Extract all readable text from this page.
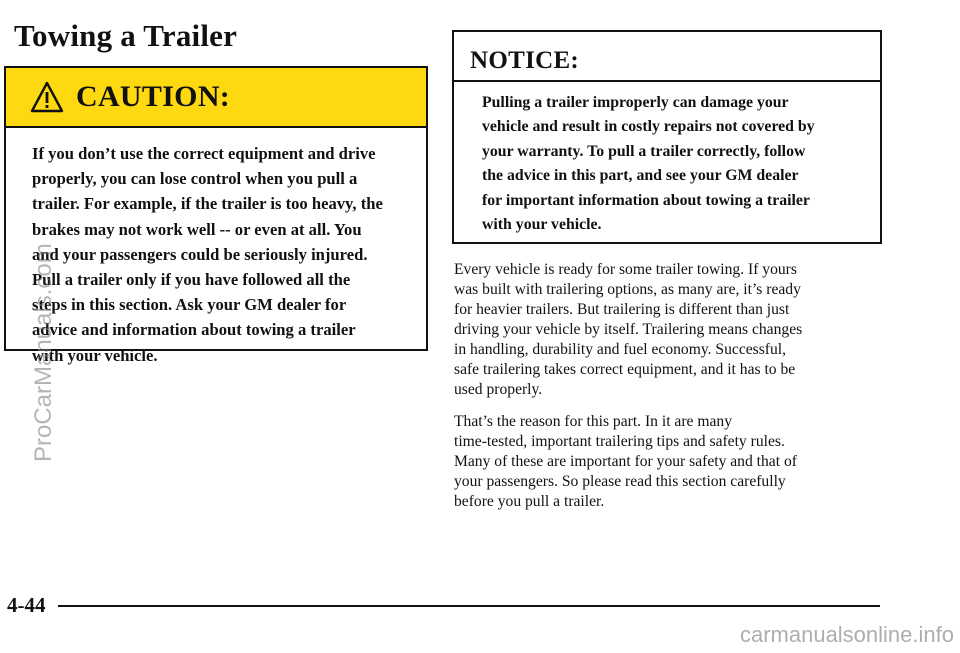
Towing a Trailer
CAUTION:

If you don’t use the correct equipment and drive
properly, you can lose control when you pull a
trailer. For example, if the trailer is too heavy, the
brakes may not work well -- or even at all. You
and your passengers could be seriously injured.
Pull a trailer only if you have followed all the
steps in this section. Ask your GM dealer for
advice and information about towing a trailer
with your vehicle.

NOTICE:

Pulling a trailer improperly can damage your
vehicle and result in costly repairs not covered by
your warranty. To pull a trailer correctly, follow
the advice in this part, and see your GM dealer
for important information about towing a trailer
with your vehicle.

Every vehicle is ready for some trailer towing. If yours
was built with trailering options, as many are, it’s ready
for heavier trailers. But trailering is different than just
driving your vehicle by itself. Trailering means changes
in handling, durability and fuel economy. Successful,
safe trailering takes correct equipment, and it has to be
used properly.

That’s the reason for this part. In it are many
time-tested, important trailering tips and safety rules.
Many of these are important for your safety and that of
your passengers. So please read this section carefully
before you pull a trailer.

4-44
ProCarManuals.com
carmanualsonline.info
